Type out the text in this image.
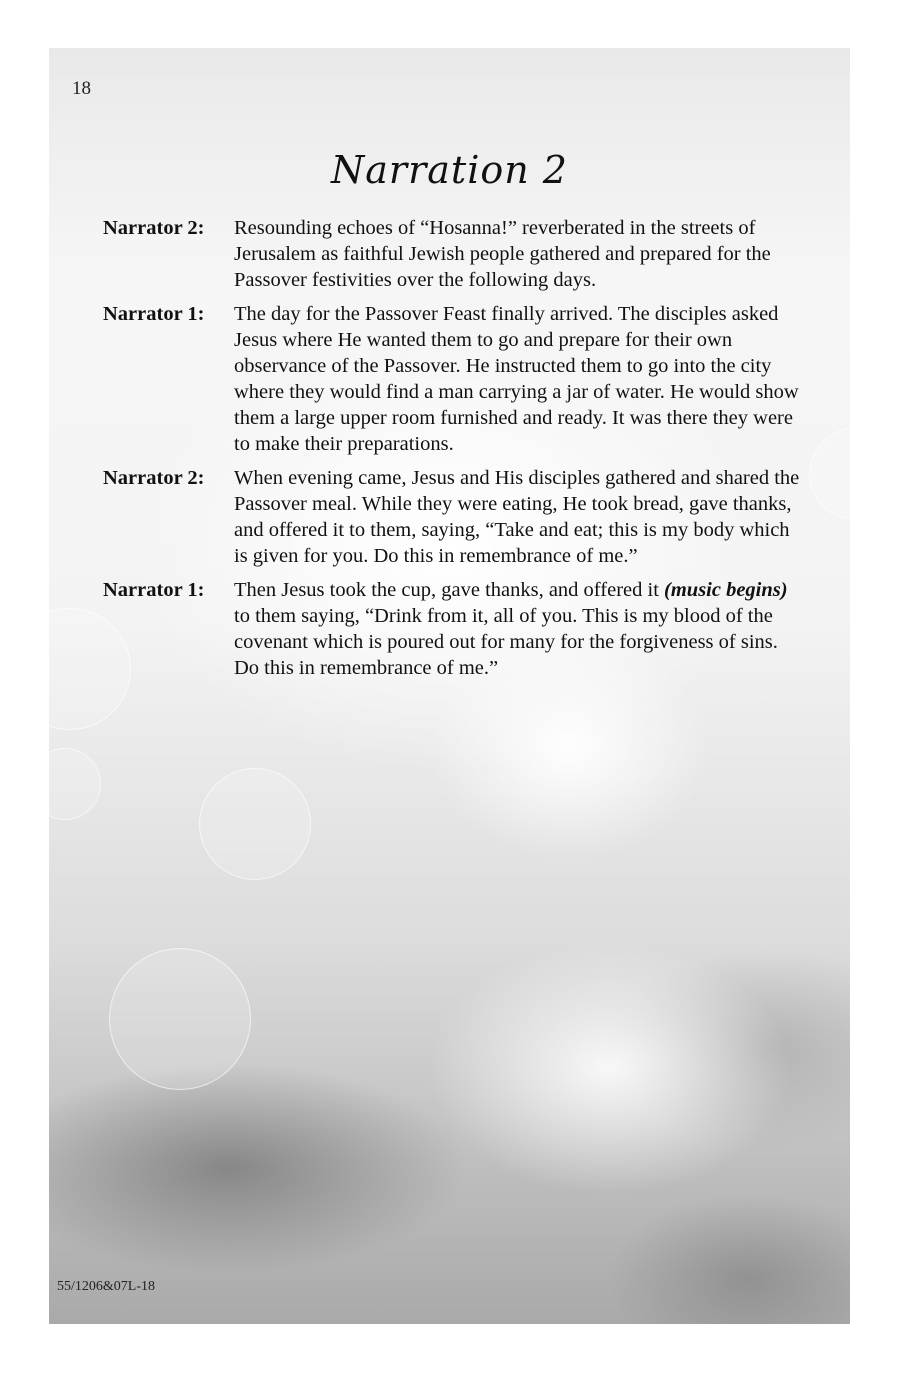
18
Narration 2
Narrator 2:	Resounding echoes of “Hosanna!” reverberated in the streets of Jerusalem as faithful Jewish people gathered and prepared for the Passover festivities over the following days.
Narrator 1:	The day for the Passover Feast finally arrived. The disciples asked Jesus where He wanted them to go and prepare for their own observance of the Passover. He instructed them to go into the city where they would find a man carrying a jar of water. He would show them a large upper room furnished and ready. It was there they were to make their preparations.
Narrator 2:	When evening came, Jesus and His disciples gathered and shared the Passover meal. While they were eating, He took bread, gave thanks, and offered it to them, saying, “Take and eat; this is my body which is given for you. Do this in remembrance of me.”
Narrator 1:	Then Jesus took the cup, gave thanks, and offered it (music begins) to them saying, “Drink from it, all of you. This is my blood of the covenant which is poured out for many for the forgiveness of sins. Do this in remembrance of me.”
55/1206&07L-18
